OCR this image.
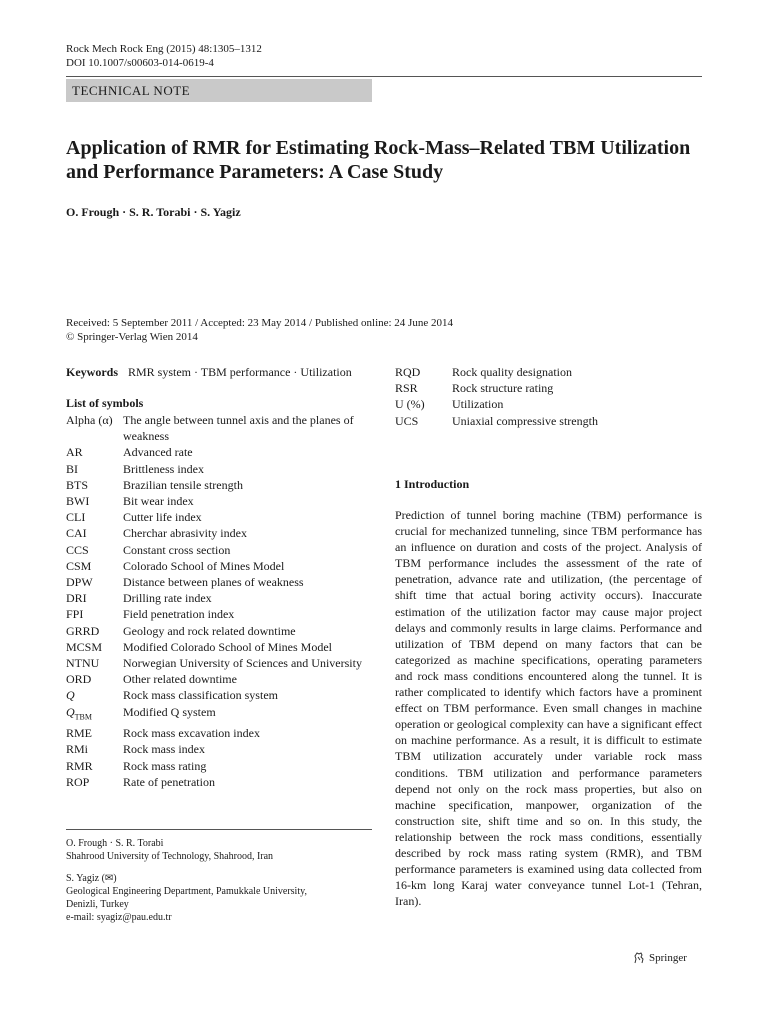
Rock Mech Rock Eng (2015) 48:1305–1312
DOI 10.1007/s00603-014-0619-4
TECHNICAL NOTE
Application of RMR for Estimating Rock-Mass–Related TBM Utilization and Performance Parameters: A Case Study
O. Frough · S. R. Torabi · S. Yagiz
Received: 5 September 2011 / Accepted: 23 May 2014 / Published online: 24 June 2014
© Springer-Verlag Wien 2014
Keywords RMR system · TBM performance · Utilization
List of symbols
Alpha (α)	The angle between tunnel axis and the planes of weakness
AR	Advanced rate
BI	Brittleness index
BTS	Brazilian tensile strength
BWI	Bit wear index
CLI	Cutter life index
CAI	Cherchar abrasivity index
CCS	Constant cross section
CSM	Colorado School of Mines Model
DPW	Distance between planes of weakness
DRI	Drilling rate index
FPI	Field penetration index
GRRD	Geology and rock related downtime
MCSM	Modified Colorado School of Mines Model
NTNU	Norwegian University of Sciences and University
ORD	Other related downtime
Q	Rock mass classification system
$Q_{TBM}$	Modified Q system
RME	Rock mass excavation index
RMi	Rock mass index
RMR	Rock mass rating
ROP	Rate of penetration
RQD	Rock quality designation
RSR	Rock structure rating
U (%)	Utilization
UCS	Uniaxial compressive strength
O. Frough · S. R. Torabi
Shahrood University of Technology, Shahrood, Iran
S. Yagiz (✉)
Geological Engineering Department, Pamukkale University,
Denizli, Turkey
e-mail: syagiz@pau.edu.tr
1 Introduction

Prediction of tunnel boring machine (TBM) performance is crucial for mechanized tunneling, since TBM performance has an influence on duration and costs of the project. Analysis of TBM performance includes the assessment of the rate of penetration, advance rate and utilization, (the percentage of shift time that actual boring activity occurs). Inaccurate estimation of the utilization factor may cause major project delays and commonly results in large claims. Performance and utilization of TBM depend on many factors that can be categorized as machine specifications, operating parameters and rock mass conditions encountered along the tunnel. It is rather complicated to identify which factors have a prominent effect on TBM performance. Even small changes in machine operation or geological complexity can have a significant effect on machine performance. As a result, it is difficult to estimate TBM utilization accurately under variable rock mass conditions. TBM utilization and performance parameters depend not only on the rock mass properties, but also on machine specification, manpower, organization of the construction site, shift time and so on. In this study, the relationship between the rock mass conditions, essentially described by rock mass rating system (RMR), and TBM performance parameters is examined using data collected from 16-km long Karaj water conveyance tunnel Lot-1 (Tehran, Iran).

Springer
